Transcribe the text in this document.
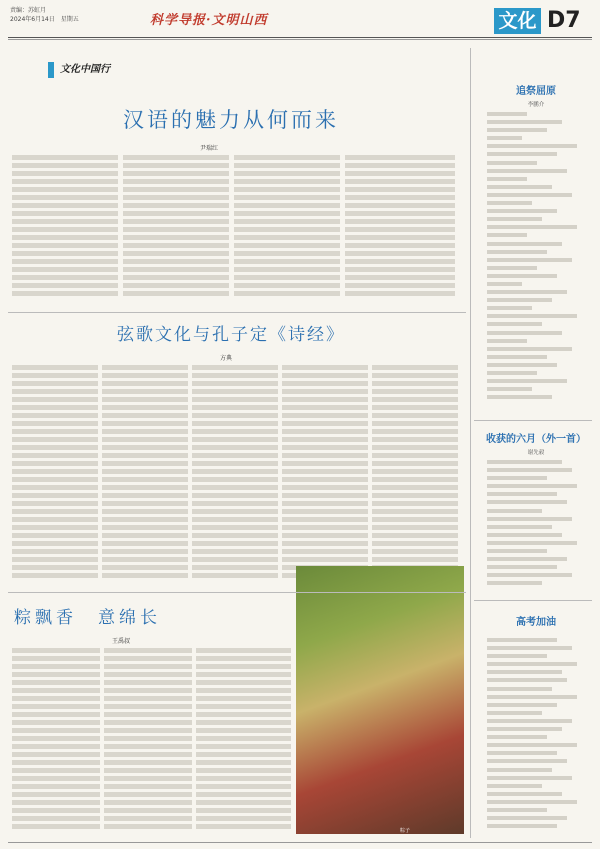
责编：苏虹月
2024年6月14日　星期五	科学导报·文明山西	文化 D7
文化中国行
汉语的魅力从何而来
尹瑞红
弦歌文化与孔子定《诗经》
方典
粽飘香　意绵长
王禹叔
粽子
追祭屈原
李鹏介
收获的六月（外一首）
谢先毅
高考加油
